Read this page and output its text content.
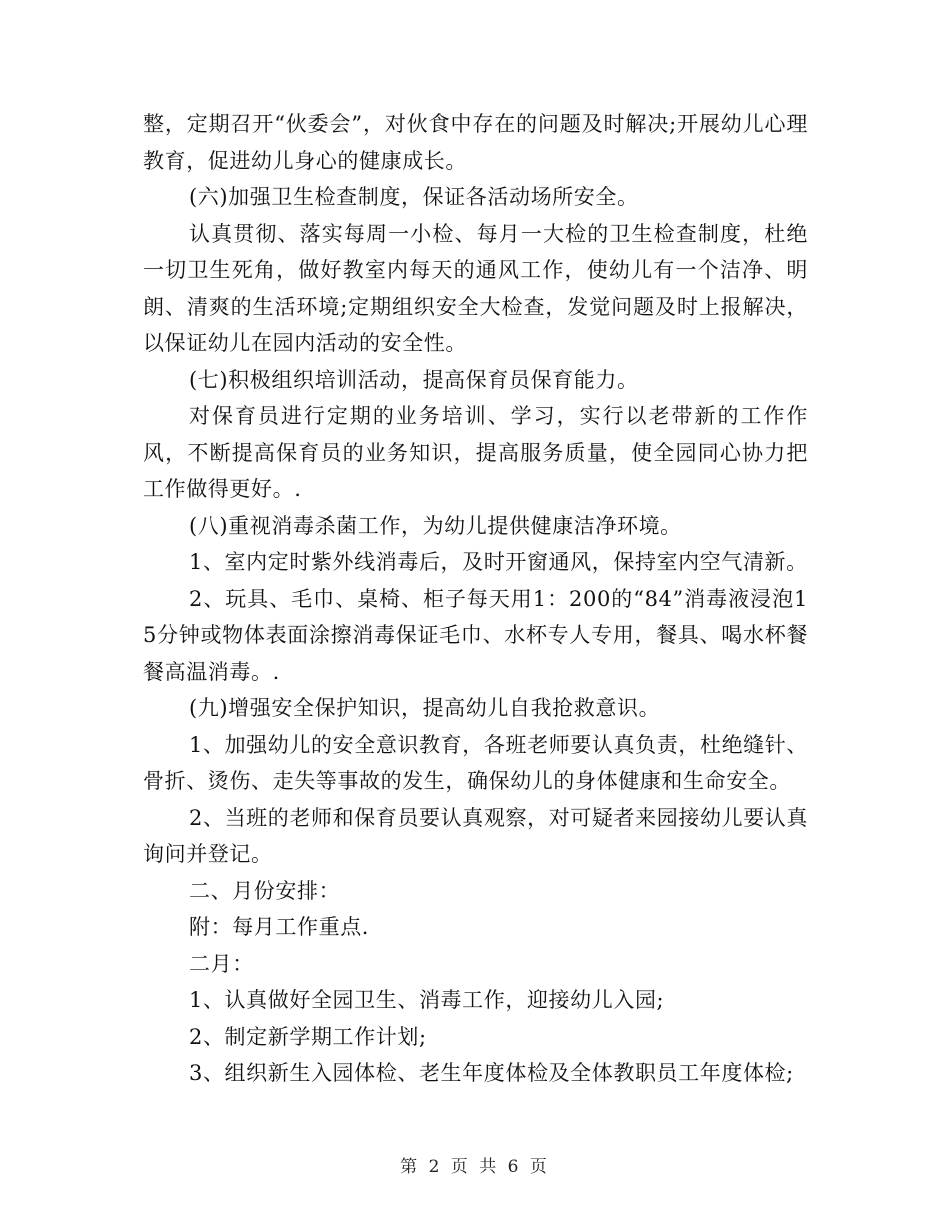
整，定期召开“伙委会”，对伙食中存在的问题及时解决;开展幼儿心理教育，促进幼儿身心的健康成长。

(六)加强卫生检查制度，保证各活动场所安全。

认真贯彻、落实每周一小检、每月一大检的卫生检查制度，杜绝一切卫生死角，做好教室内每天的通风工作，使幼儿有一个洁净、明朗、清爽的生活环境;定期组织安全大检查，发觉问题及时上报解决，以保证幼儿在园内活动的安全性。

(七)积极组织培训活动，提高保育员保育能力。

对保育员进行定期的业务培训、学习，实行以老带新的工作作风，不断提高保育员的业务知识，提高服务质量，使全园同心协力把工作做得更好。.

(八)重视消毒杀菌工作，为幼儿提供健康洁净环境。

1、室内定时紫外线消毒后，及时开窗通风，保持室内空气清新。

2、玩具、毛巾、桌椅、柜子每天用1：200的“84”消毒液浸泡15分钟或物体表面涂擦消毒保证毛巾、水杯专人专用，餐具、喝水杯餐餐高温消毒。.

(九)增强安全保护知识，提高幼儿自我抢救意识。

1、加强幼儿的安全意识教育，各班老师要认真负责，杜绝缝针、骨折、烫伤、走失等事故的发生，确保幼儿的身体健康和生命安全。

2、当班的老师和保育员要认真观察，对可疑者来园接幼儿要认真询问并登记。

二、月份安排：

附：每月工作重点.

二月：

1、认真做好全园卫生、消毒工作，迎接幼儿入园;

2、制定新学期工作计划;

3、组织新生入园体检、老生年度体检及全体教职员工年度体检;

第 2 页 共 6 页
